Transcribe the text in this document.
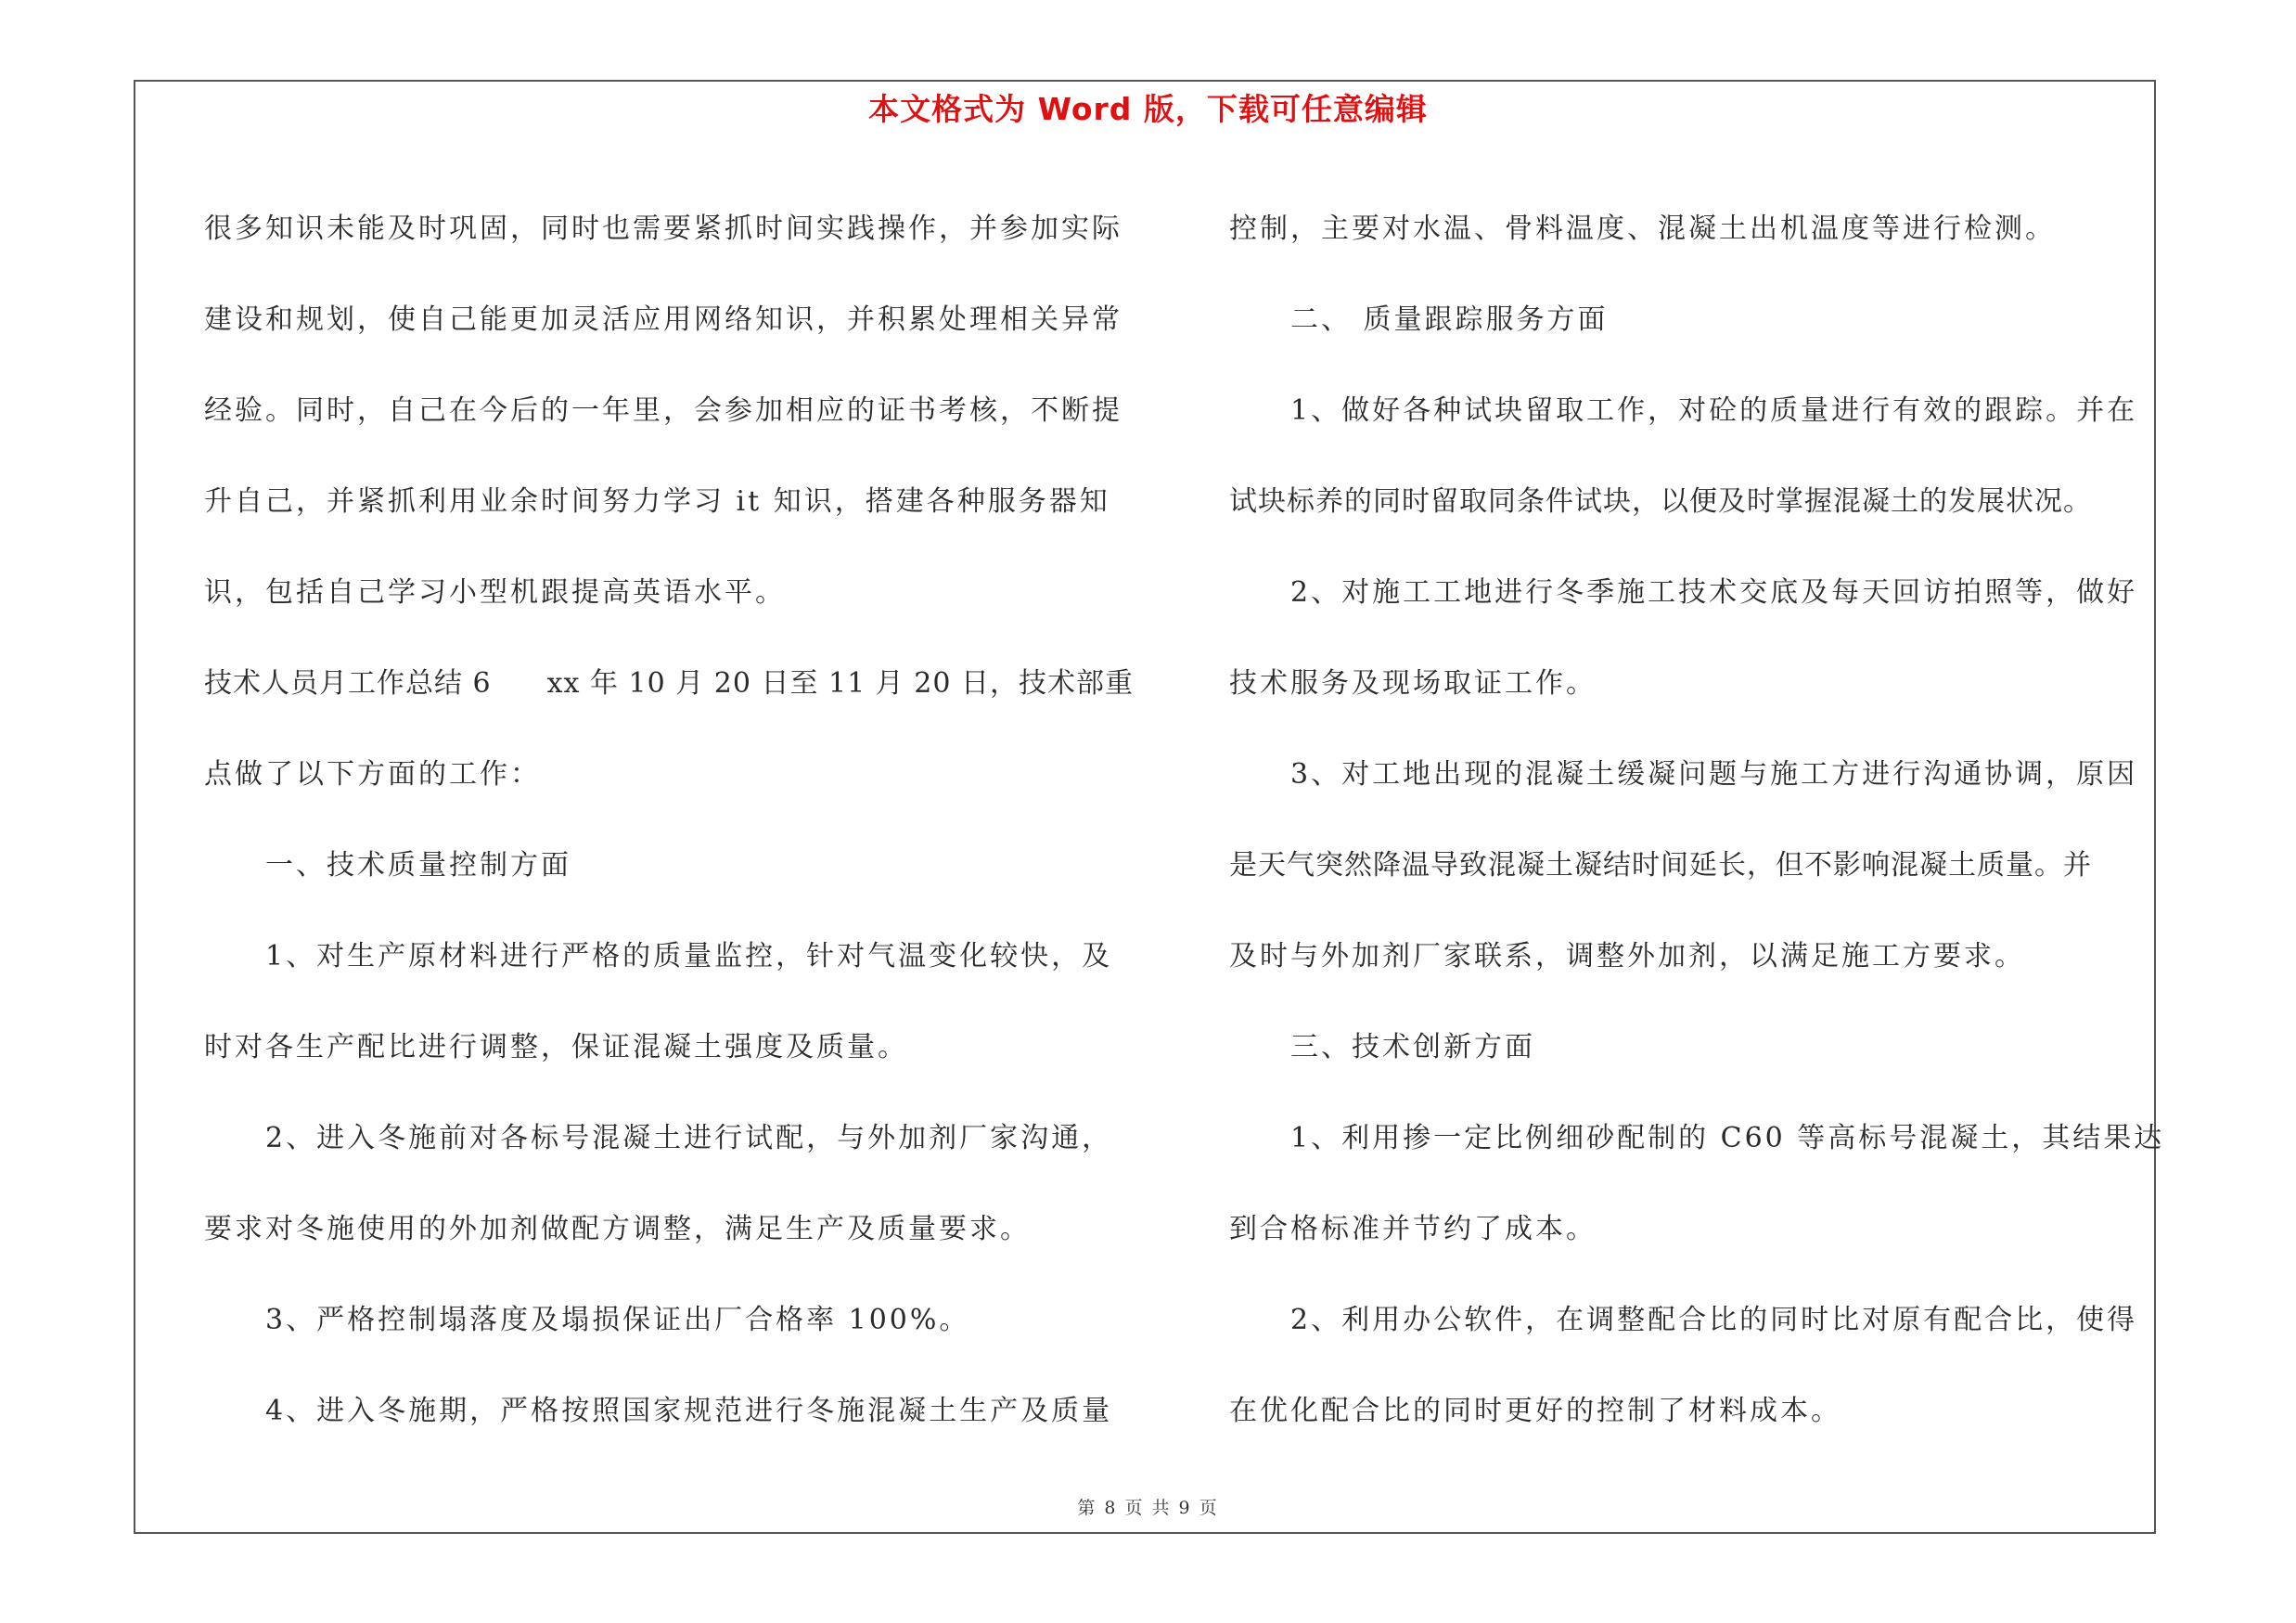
本文格式为 Word 版，下载可任意编辑
很多知识未能及时巩固，同时也需要紧抓时间实践操作，并参加实际
建设和规划，使自己能更加灵活应用网络知识，并积累处理相关异常
经验。同时，自己在今后的一年里，会参加相应的证书考核，不断提
升自己，并紧抓利用业余时间努力学习 it 知识，搭建各种服务器知
识，包括自己学习小型机跟提高英语水平。
技术人员月工作总结 6 xx 年 10 月 20 日至 11 月 20 日，技术部重
点做了以下方面的工作：
一、技术质量控制方面
1、对生产原材料进行严格的质量监控，针对气温变化较快，及
时对各生产配比进行调整，保证混凝土强度及质量。
2、进入冬施前对各标号混凝土进行试配，与外加剂厂家沟通，
要求对冬施使用的外加剂做配方调整，满足生产及质量要求。
3、严格控制塌落度及塌损保证出厂合格率 100%。
4、进入冬施期，严格按照国家规范进行冬施混凝土生产及质量
控制，主要对水温、骨料温度、混凝土出机温度等进行检测。
二、 质量跟踪服务方面
1、做好各种试块留取工作，对砼的质量进行有效的跟踪。并在
试块标养的同时留取同条件试块，以便及时掌握混凝土的发展状况。
2、对施工工地进行冬季施工技术交底及每天回访拍照等，做好
技术服务及现场取证工作。
3、对工地出现的混凝土缓凝问题与施工方进行沟通协调，原因
是天气突然降温导致混凝土凝结时间延长，但不影响混凝土质量。并
及时与外加剂厂家联系，调整外加剂，以满足施工方要求。
三、技术创新方面
1、利用掺一定比例细砂配制的 C60 等高标号混凝土，其结果达
到合格标准并节约了成本。
2、利用办公软件，在调整配合比的同时比对原有配合比，使得
在优化配合比的同时更好的控制了材料成本。
第 8 页 共 9 页
